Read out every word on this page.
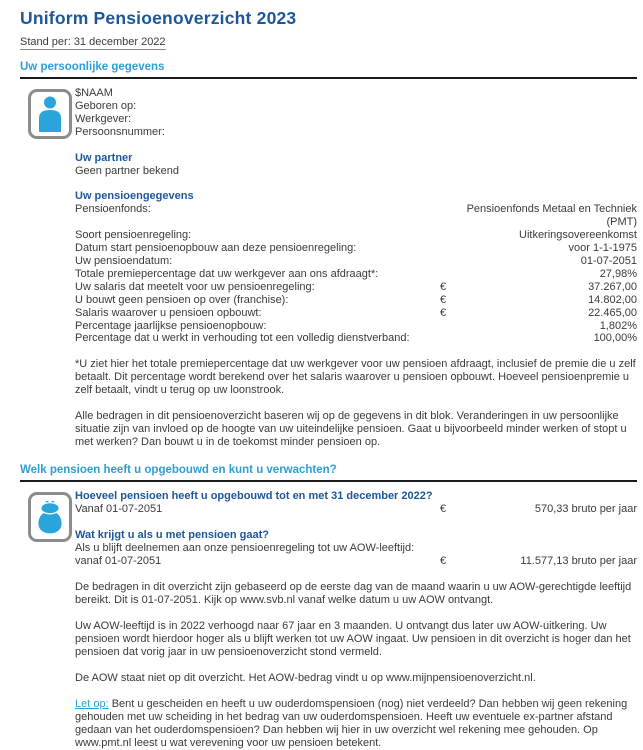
Uniform Pensioenoverzicht 2023
Stand per: 31 december 2022
Uw persoonlijke gegevens
$NAAM
Geboren op:
Werkgever:
Persoonsnummer:
Uw partner
Geen partner bekend
Uw pensioengegevens
Pensioenfonds:	Pensioenfonds Metaal en Techniek (PMT)
Soort pensioenregeling:	Uitkeringsovereenkomst
Datum start pensioenopbouw aan deze pensioenregeling:	voor 1-1-1975
Uw pensioendatum:	01-07-2051
Totale premiepercentage dat uw werkgever aan ons afdraagt*:	27,98%
Uw salaris dat meetelt voor uw pensioenregeling:	€	37.267,00
U bouwt geen pensioen op over (franchise):	€	14.802,00
Salaris waarover u pensioen opbouwt:	€	22.465,00
Percentage jaarlijkse pensioenopbouw:	1,802%
Percentage dat u werkt in verhouding tot een volledig dienstverband:	100,00%

*U ziet hier het totale premiepercentage dat uw werkgever voor uw pensioen afdraagt, inclusief de premie die u zelf betaalt. Dit percentage wordt berekend over het salaris waarover u pensioen opbouwt. Hoeveel pensioenpremie u zelf betaalt, vindt u terug op uw loonstrook.

Alle bedragen in dit pensioenoverzicht baseren wij op de gegevens in dit blok. Veranderingen in uw persoonlijke situatie zijn van invloed op de hoogte van uw uiteindelijke pensioen. Gaat u bijvoorbeeld minder werken of stopt u met werken? Dan bouwt u in de toekomst minder pensioen op.

Welk pensioen heeft u opgebouwd en kunt u verwachten?
Hoeveel pensioen heeft u opgebouwd tot en met 31 december 2022?
Vanaf 01-07-2051	€	570,33 bruto per jaar
Wat krijgt u als u met pensioen gaat?
Als u blijft deelnemen aan onze pensioenregeling tot uw AOW-leeftijd:
vanaf 01-07-2051	€	11.577,13 bruto per jaar

De bedragen in dit overzicht zijn gebaseerd op de eerste dag van de maand waarin u uw AOW-gerechtigde leeftijd bereikt. Dit is 01-07-2051. Kijk op www.svb.nl vanaf welke datum u uw AOW ontvangt.

Uw AOW-leeftijd is in 2022 verhoogd naar 67 jaar en 3 maanden. U ontvangt dus later uw AOW-uitkering. Uw pensioen wordt hierdoor hoger als u blijft werken tot uw AOW ingaat. Uw pensioen in dit overzicht is hoger dan het pensioen dat vorig jaar in uw pensioenoverzicht stond vermeld.

De AOW staat niet op dit overzicht. Het AOW-bedrag vindt u op www.mijnpensioenoverzicht.nl.

Let op: Bent u gescheiden en heeft u uw ouderdomspensioen (nog) niet verdeeld? Dan hebben wij geen rekening gehouden met uw scheiding in het bedrag van uw ouderdomspensioen. Heeft uw eventuele ex-partner afstand gedaan van het ouderdomspensioen? Dan hebben wij hier in uw overzicht wel rekening mee gehouden. Op www.pmt.nl leest u wat verevening voor uw pensioen betekent.
